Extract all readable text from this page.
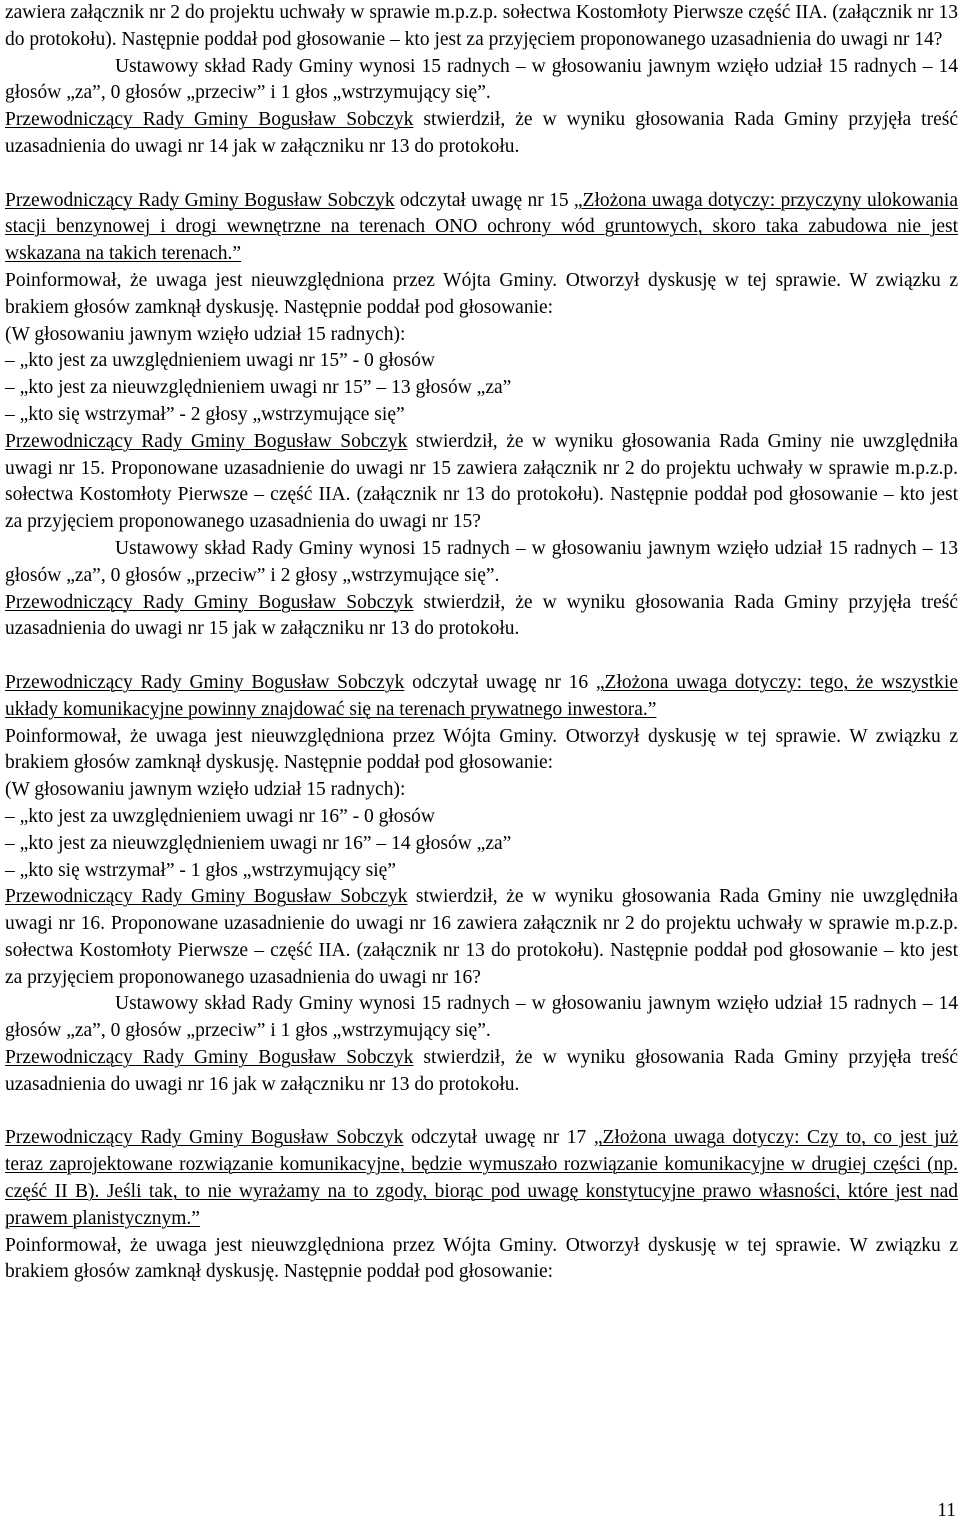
zawiera załącznik nr 2 do projektu uchwały w sprawie m.p.z.p. sołectwa Kostomłoty Pierwsze część IIA. (załącznik nr 13 do protokołu). Następnie poddał pod głosowanie – kto jest za przyjęciem proponowanego uzasadnienia do uwagi nr 14?

Ustawowy skład Rady Gminy wynosi 15 radnych – w głosowaniu jawnym wzięło udział 15 radnych – 14 głosów „za”, 0 głosów „przeciw” i 1 głos „wstrzymujący się”.

Przewodniczący Rady Gminy Bogusław Sobczyk stwierdził, że w wyniku głosowania Rada Gminy przyjęła treść uzasadnienia do uwagi nr 14 jak w załączniku nr 13 do protokołu.

Przewodniczący Rady Gminy Bogusław Sobczyk odczytał uwagę nr 15 „Złożona uwaga dotyczy: przyczyny ulokowania stacji benzynowej i drogi wewnętrzne na terenach ONO ochrony wód gruntowych, skoro taka zabudowa nie jest wskazana na takich terenach.”

Poinformował, że uwaga jest nieuwzględniona przez Wójta Gminy. Otworzył dyskusję w tej sprawie. W związku z brakiem głosów zamknął dyskusję. Następnie poddał pod głosowanie:

(W głosowaniu jawnym wzięło udział 15 radnych):

– „kto jest za uwzględnieniem uwagi nr 15” - 0 głosów

– „kto jest za nieuwzględnieniem uwagi nr 15” – 13 głosów „za”

– „kto się wstrzymał” - 2 głosy „wstrzymujące się”

Przewodniczący Rady Gminy Bogusław Sobczyk stwierdził, że w wyniku głosowania Rada Gminy nie uwzględniła uwagi nr 15. Proponowane uzasadnienie do uwagi nr 15 zawiera załącznik nr 2 do projektu uchwały w sprawie m.p.z.p. sołectwa Kostomłoty Pierwsze – część IIA. (załącznik nr 13 do protokołu). Następnie poddał pod głosowanie – kto jest za przyjęciem proponowanego uzasadnienia do uwagi nr 15?

Ustawowy skład Rady Gminy wynosi 15 radnych – w głosowaniu jawnym wzięło udział 15 radnych – 13 głosów „za”, 0 głosów „przeciw” i 2 głosy „wstrzymujące się”.

Przewodniczący Rady Gminy Bogusław Sobczyk stwierdził, że w wyniku głosowania Rada Gminy przyjęła treść uzasadnienia do uwagi nr 15 jak w załączniku nr 13 do protokołu.

Przewodniczący Rady Gminy Bogusław Sobczyk odczytał uwagę nr 16 „Złożona uwaga dotyczy: tego, że wszystkie układy komunikacyjne powinny znajdować się na terenach prywatnego inwestora.”

Poinformował, że uwaga jest nieuwzględniona przez Wójta Gminy. Otworzył dyskusję w tej sprawie. W związku z brakiem głosów zamknął dyskusję. Następnie poddał pod głosowanie:

(W głosowaniu jawnym wzięło udział 15 radnych):

– „kto jest za uwzględnieniem uwagi nr 16” - 0 głosów

– „kto jest za nieuwzględnieniem uwagi nr 16” – 14 głosów „za”

– „kto się wstrzymał” - 1 głos „wstrzymujący się”

Przewodniczący Rady Gminy Bogusław Sobczyk stwierdził, że w wyniku głosowania Rada Gminy nie uwzględniła uwagi nr 16. Proponowane uzasadnienie do uwagi nr 16 zawiera załącznik nr 2 do projektu uchwały w sprawie m.p.z.p. sołectwa Kostomłoty Pierwsze – część IIA. (załącznik nr 13 do protokołu). Następnie poddał pod głosowanie – kto jest za przyjęciem proponowanego uzasadnienia do uwagi nr 16?

Ustawowy skład Rady Gminy wynosi 15 radnych – w głosowaniu jawnym wzięło udział 15 radnych – 14 głosów „za”, 0 głosów „przeciw” i 1 głos „wstrzymujący się”.

Przewodniczący Rady Gminy Bogusław Sobczyk stwierdził, że w wyniku głosowania Rada Gminy przyjęła treść uzasadnienia do uwagi nr 16 jak w załączniku nr 13 do protokołu.

Przewodniczący Rady Gminy Bogusław Sobczyk odczytał uwagę nr 17 „Złożona uwaga dotyczy: Czy to, co jest już teraz zaprojektowane rozwiązanie komunikacyjne, będzie wymuszało rozwiązanie komunikacyjne w drugiej części (np. część II B). Jeśli tak, to nie wyrażamy na to zgody, biorąc pod uwagę konstytucyjne prawo własności, które jest nad prawem planistycznym.”

Poinformował, że uwaga jest nieuwzględniona przez Wójta Gminy. Otworzył dyskusję w tej sprawie. W związku z brakiem głosów zamknął dyskusję. Następnie poddał pod głosowanie:

11
